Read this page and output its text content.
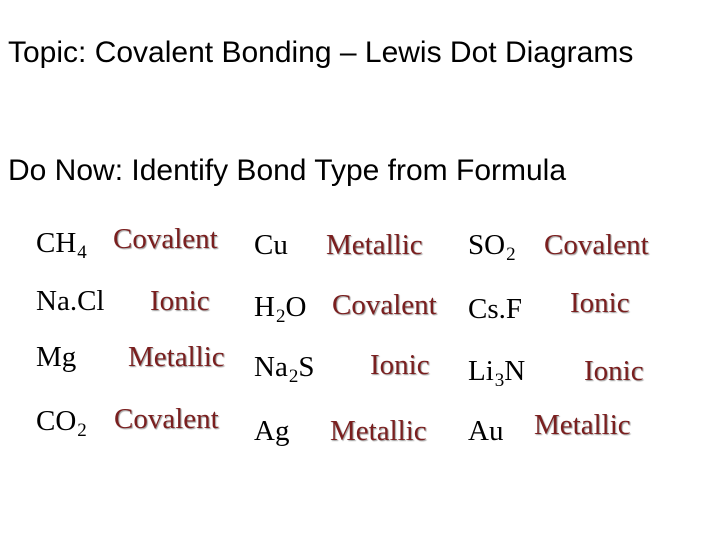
Topic: Covalent Bonding – Lewis Dot Diagrams
Do Now: Identify Bond Type from Formula
$CH_4$ Covalent Cu Metallic $SO_2$ Covalent
Na.Cl Ionic $H_2O$ Covalent Cs.F Ionic
Mg Metallic $Na_2S$ Ionic $Li_3N$ Ionic
$CO_2$ Covalent Ag Metallic Au Metallic
